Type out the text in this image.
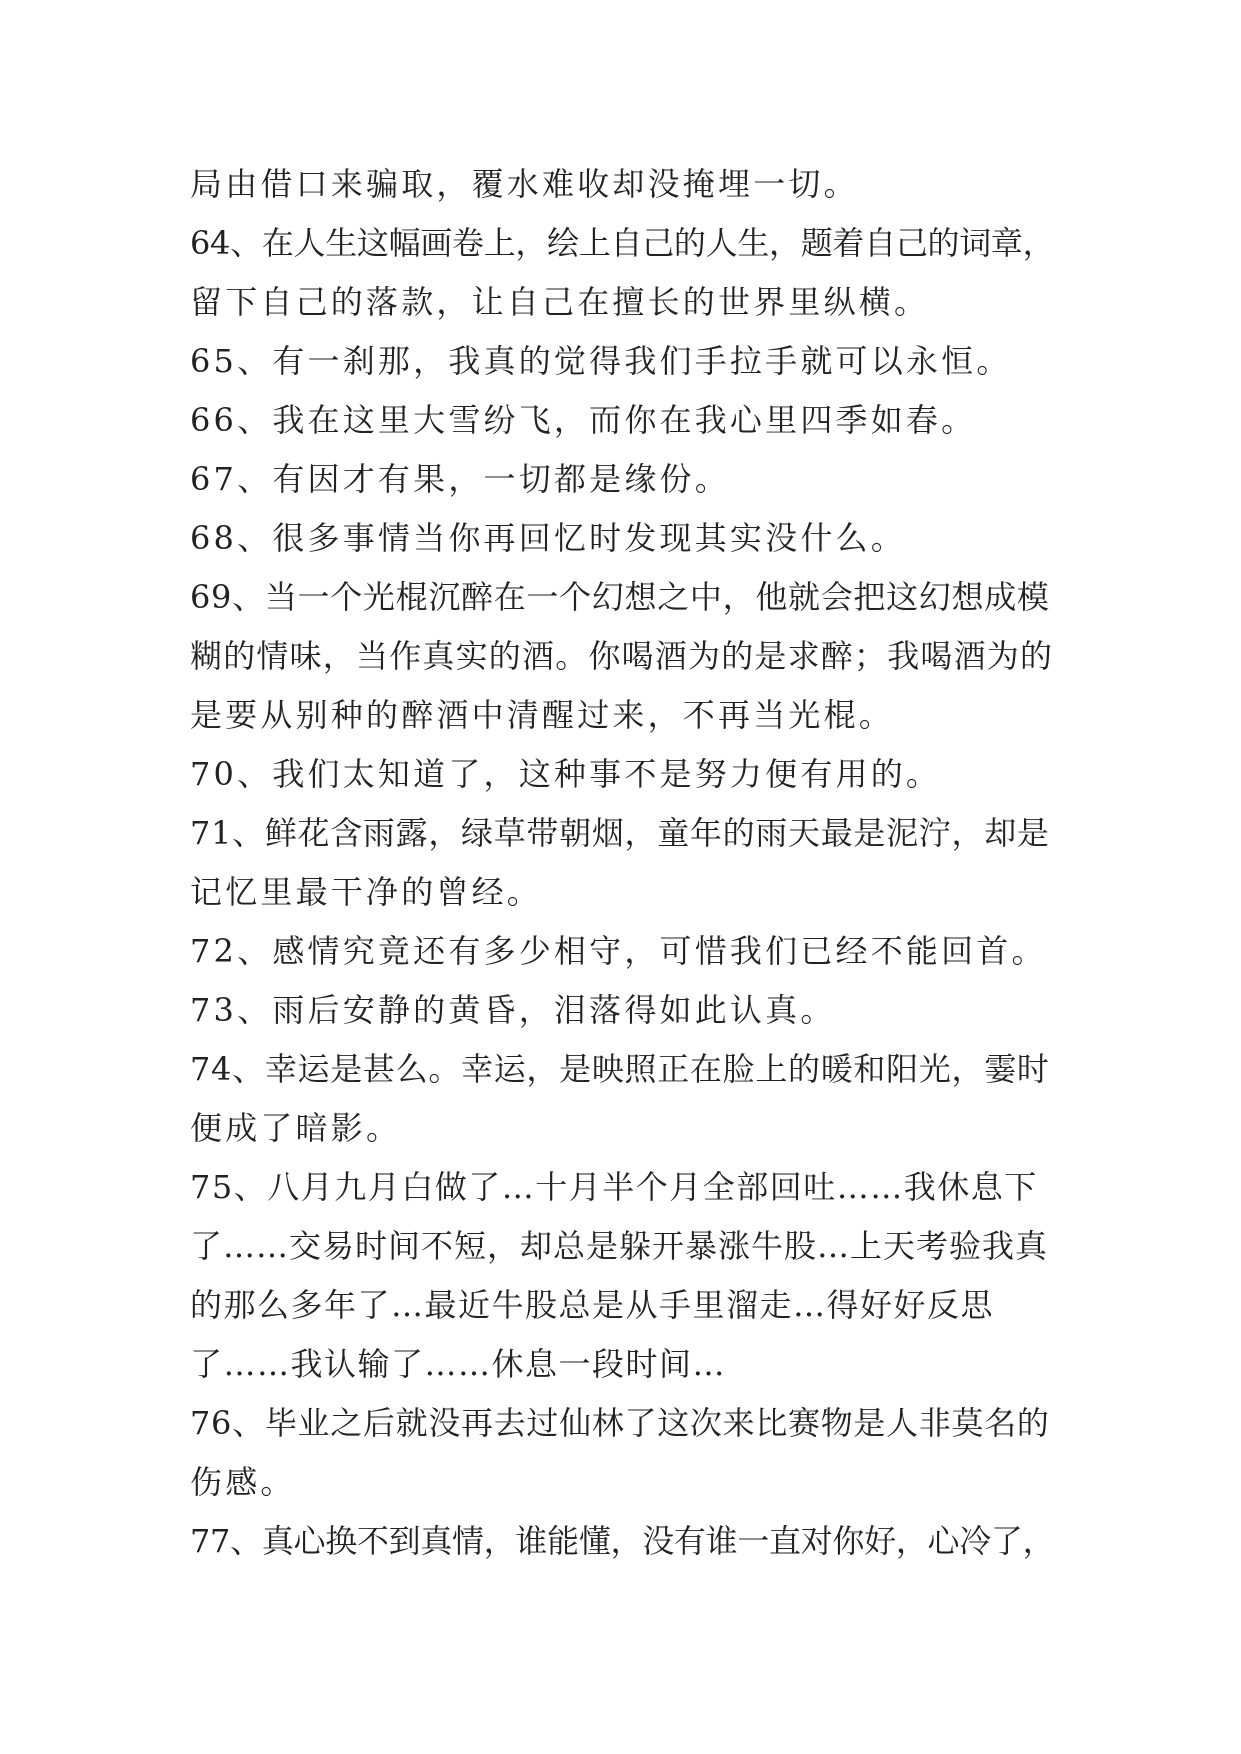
局由借口来骗取，覆水难收却没掩埋一切。
64、在人生这幅画卷上，绘上自己的人生，题着自己的词章，
留下自己的落款，让自己在擅长的世界里纵横。
65、有一刹那，我真的觉得我们手拉手就可以永恒。
66、我在这里大雪纷飞，而你在我心里四季如春。
67、有因才有果，一切都是缘份。
68、很多事情当你再回忆时发现其实没什么。
69、当一个光棍沉醉在一个幻想之中，他就会把这幻想成模
糊的情味，当作真实的酒。你喝酒为的是求醉；我喝酒为的
是要从别种的醉酒中清醒过来，不再当光棍。
70、我们太知道了，这种事不是努力便有用的。
71、鲜花含雨露，绿草带朝烟，童年的雨天最是泥泞，却是
记忆里最干净的曾经。
72、感情究竟还有多少相守，可惜我们已经不能回首。
73、雨后安静的黄昏，泪落得如此认真。
74、幸运是甚么。幸运，是映照正在脸上的暖和阳光，霎时
便成了暗影。
75、八月九月白做了…十月半个月全部回吐……我休息下
了……交易时间不短，却总是躲开暴涨牛股…上天考验我真
的那么多年了…最近牛股总是从手里溜走…得好好反思
了……我认输了……休息一段时间…
76、毕业之后就没再去过仙林了这次来比赛物是人非莫名的
伤感。
77、真心换不到真情，谁能懂，没有谁一直对你好，心冷了，
